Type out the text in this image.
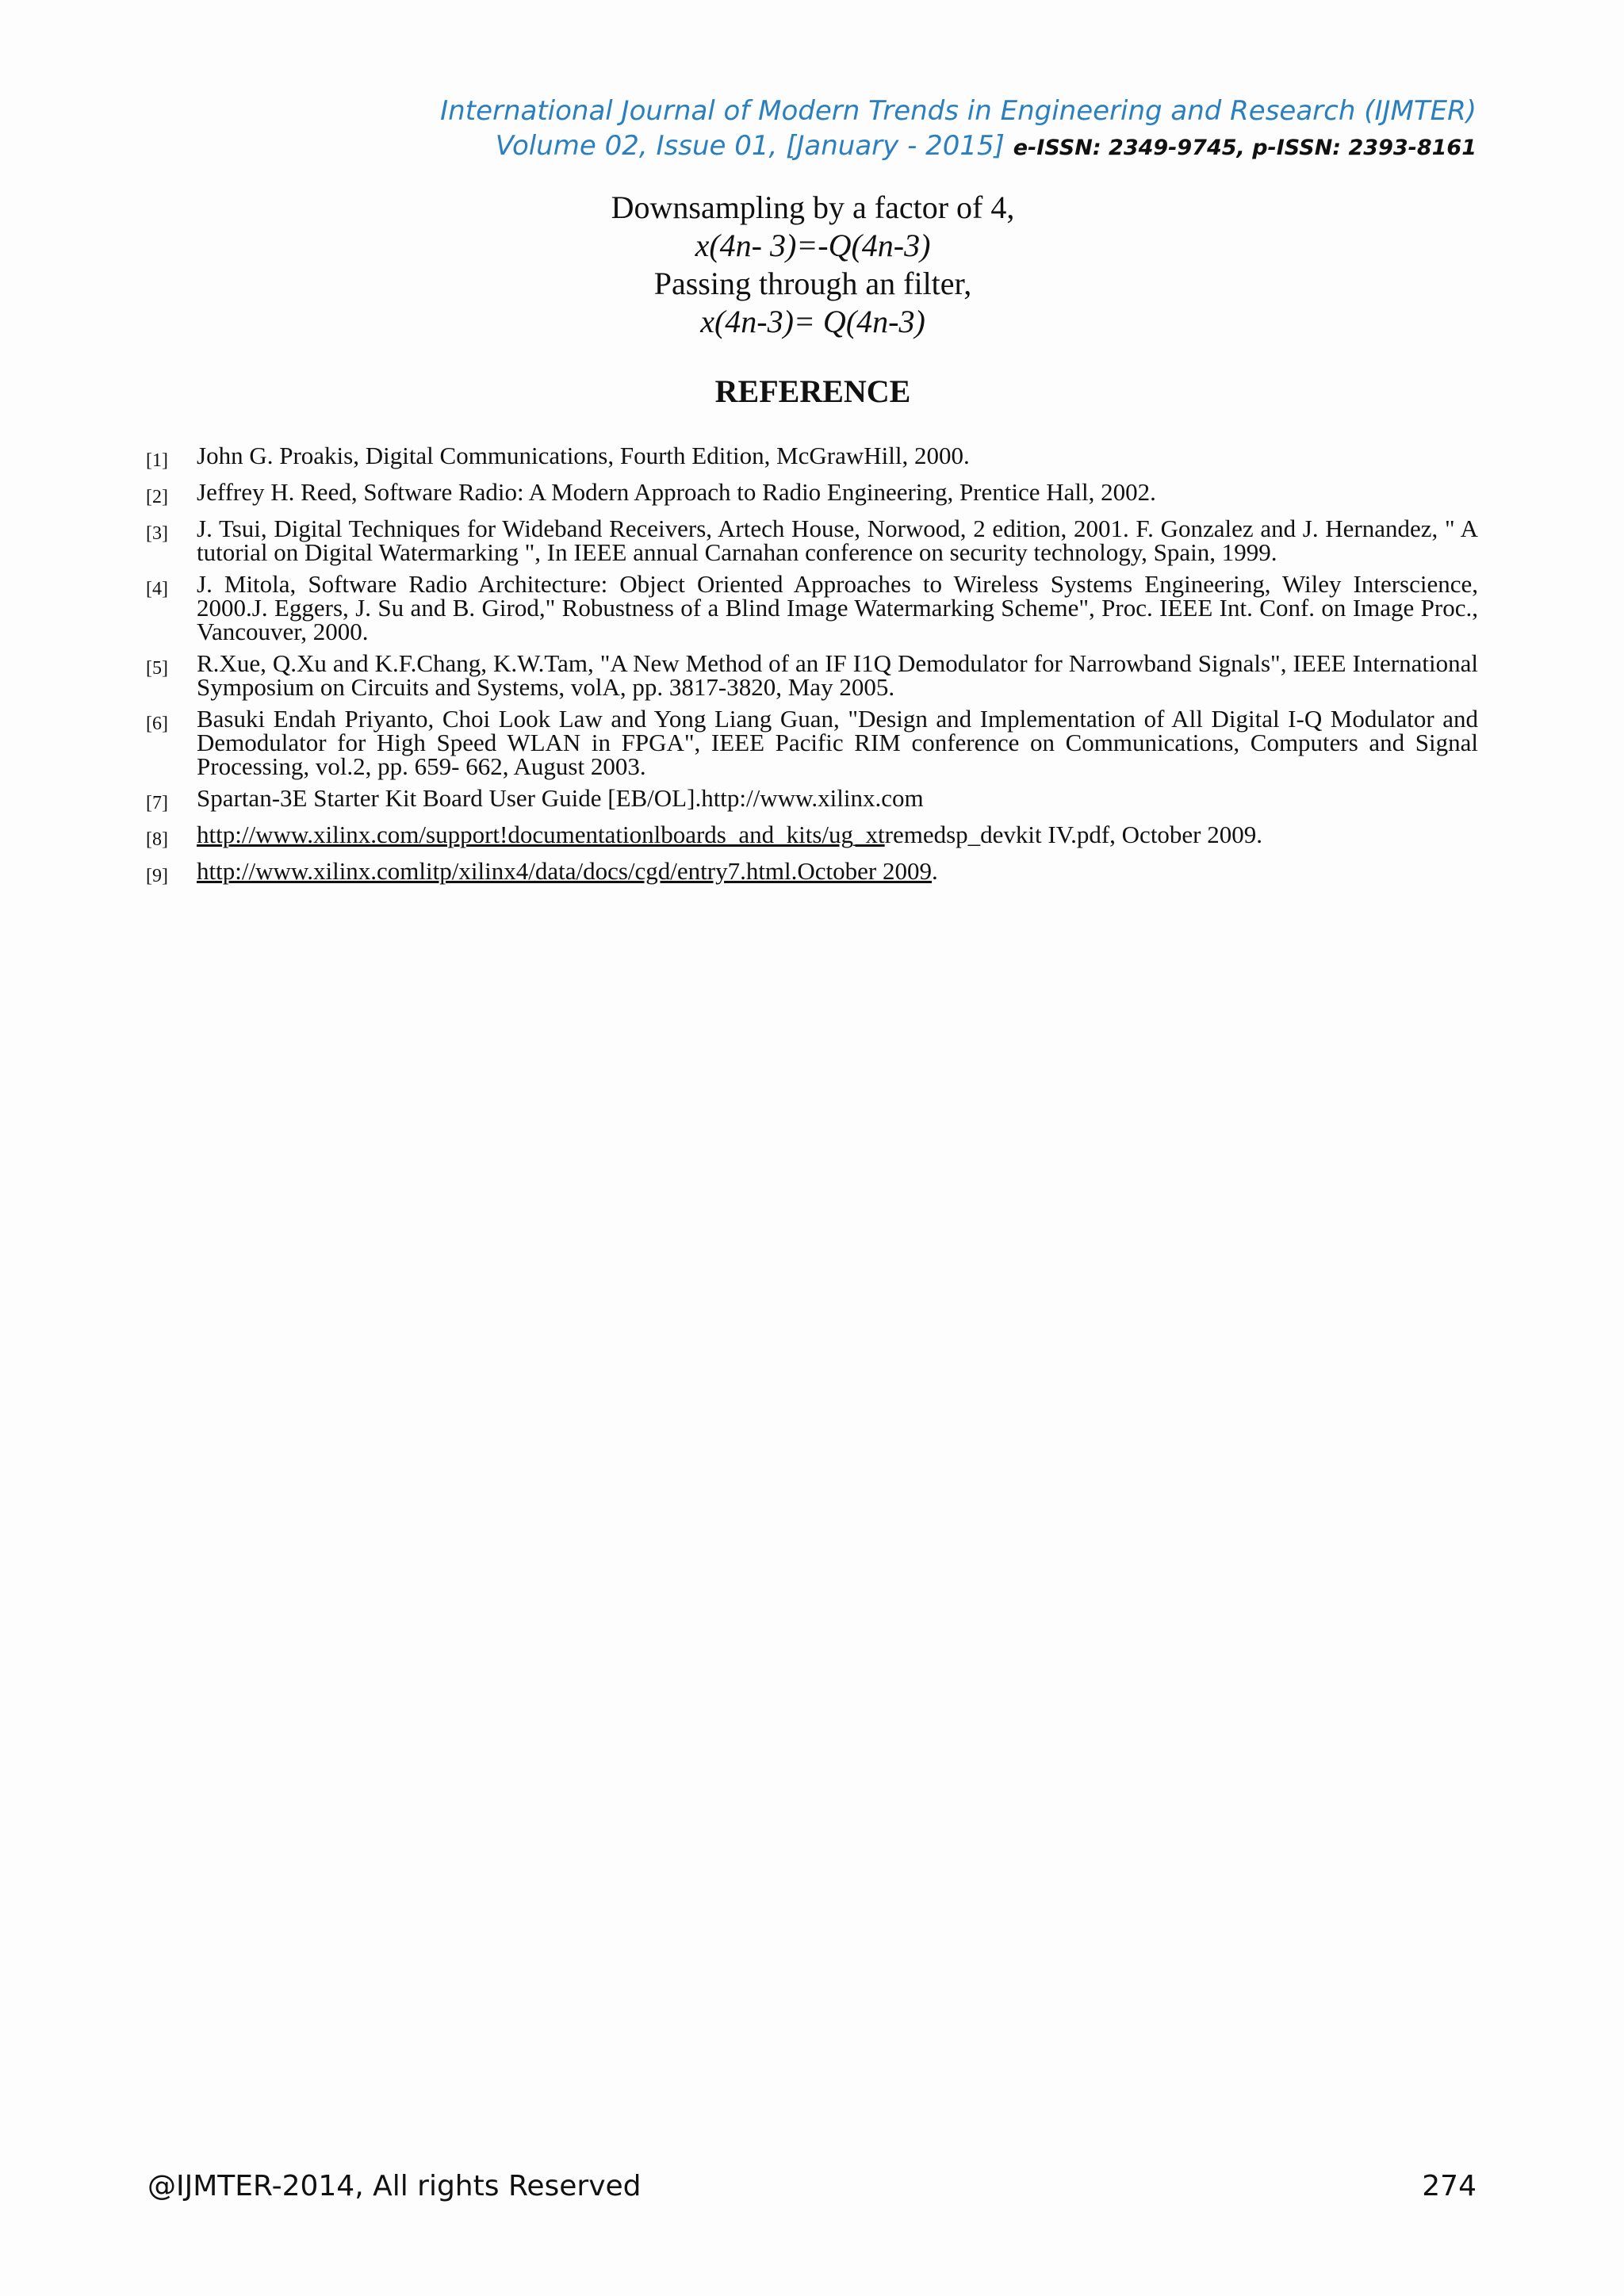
International Journal of Modern Trends in Engineering and Research (IJMTER)
Volume 02, Issue 01, [January - 2015] e-ISSN: 2349-9745, p-ISSN: 2393-8161
Downsampling by a factor of 4,
x(4n- 3)=-Q(4n-3)
Passing through an filter,
x(4n-3)= Q(4n-3)
REFERENCE
[1]	John G. Proakis, Digital Communications, Fourth Edition, McGrawHill, 2000.
[2]	Jeffrey H. Reed, Software Radio: A Modern Approach to Radio Engineering, Prentice Hall, 2002.
[3]	J. Tsui, Digital Techniques for Wideband Receivers, Artech House, Norwood, 2 edition, 2001. F. Gonzalez and J. Hernandez, " A tutorial on Digital Watermarking ", In IEEE annual Carnahan conference on security technology, Spain, 1999.
[4]	J. Mitola, Software Radio Architecture: Object Oriented Approaches to Wireless Systems Engineering, Wiley Interscience, 2000.J. Eggers, J. Su and B. Girod," Robustness of a Blind Image Watermarking Scheme", Proc. IEEE Int. Conf. on Image Proc., Vancouver, 2000.
[5]	R.Xue, Q.Xu and K.F.Chang, K.W.Tam, "A New Method of an IF I1Q Demodulator for Narrowband Signals", IEEE International Symposium on Circuits and Systems, volA, pp. 3817-3820, May 2005.
[6]	Basuki Endah Priyanto, Choi Look Law and Yong Liang Guan, "Design and Implementation of All Digital I-Q Modulator and Demodulator for High Speed WLAN in FPGA", IEEE Pacific RIM conference on Communications, Computers and Signal Processing, vol.2, pp. 659- 662, August 2003.
[7]	Spartan-3E Starter Kit Board User Guide [EB/OL].http://www.xilinx.com
[8]	http://www.xilinx.com/support!documentationlboards_and_kits/ug_xtremedsp_devkit IV.pdf, October 2009.
[9]	http://www.xilinx.comlitp/xilinx4/data/docs/cgd/entry7.html.October 2009.
@IJMTER-2014, All rights Reserved	274
